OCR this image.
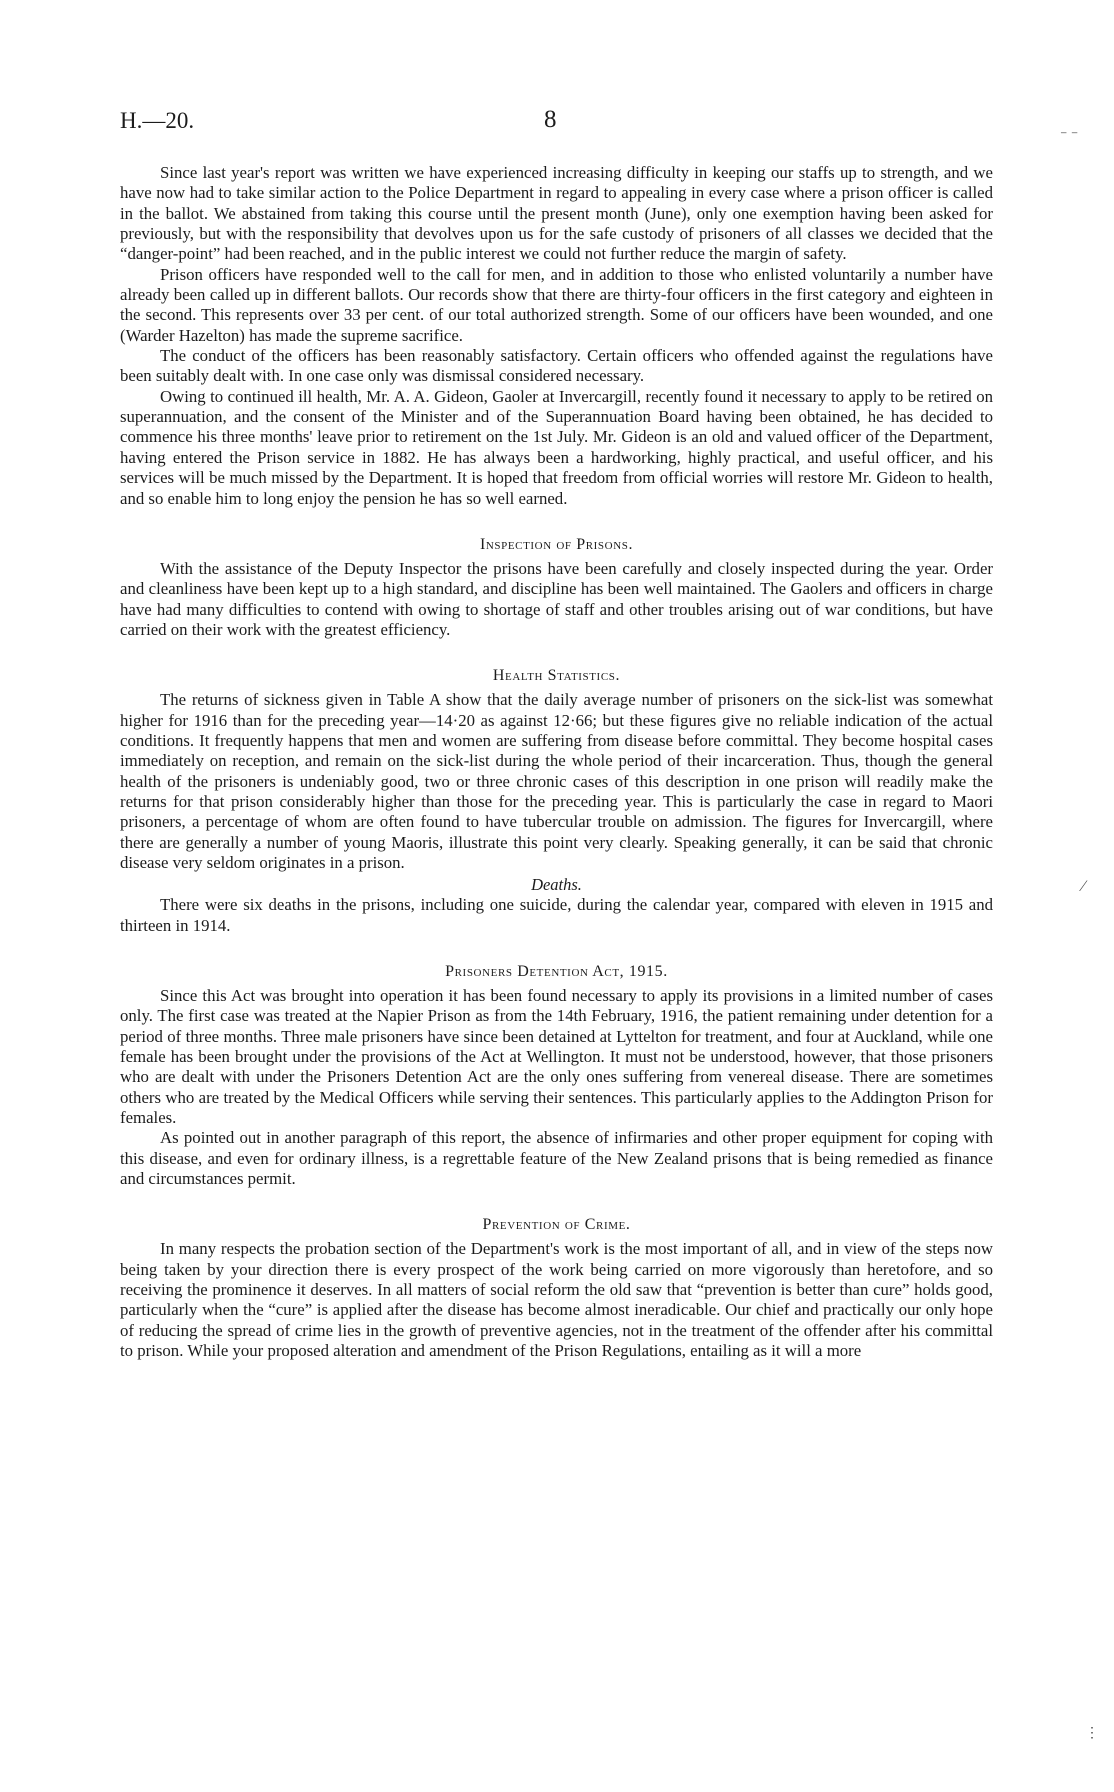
H.—20.	8
⁻ ⁻
⁄
⋮

Since last year's report was written we have experienced increasing difficulty in keeping our staffs up to strength, and we have now had to take similar action to the Police Department in regard to appealing in every case where a prison officer is called in the ballot. We abstained from taking this course until the present month (June), only one exemption having been asked for previously, but with the responsibility that devolves upon us for the safe custody of prisoners of all classes we decided that the “danger-point” had been reached, and in the public interest we could not further reduce the margin of safety.

Prison officers have responded well to the call for men, and in addition to those who enlisted voluntarily a number have already been called up in different ballots. Our records show that there are thirty-four officers in the first category and eighteen in the second. This represents over 33 per cent. of our total authorized strength. Some of our officers have been wounded, and one (Warder Hazelton) has made the supreme sacrifice.

The conduct of the officers has been reasonably satisfactory. Certain officers who offended against the regulations have been suitably dealt with. In one case only was dismissal considered necessary.

Owing to continued ill health, Mr. A. A. Gideon, Gaoler at Invercargill, recently found it necessary to apply to be retired on superannuation, and the consent of the Minister and of the Superannuation Board having been obtained, he has decided to commence his three months' leave prior to retirement on the 1st July. Mr. Gideon is an old and valued officer of the Department, having entered the Prison service in 1882. He has always been a hardworking, highly practical, and useful officer, and his services will be much missed by the Department. It is hoped that freedom from official worries will restore Mr. Gideon to health, and so enable him to long enjoy the pension he has so well earned.

Inspection of Prisons.

With the assistance of the Deputy Inspector the prisons have been carefully and closely inspected during the year. Order and cleanliness have been kept up to a high standard, and discipline has been well maintained. The Gaolers and officers in charge have had many difficulties to contend with owing to shortage of staff and other troubles arising out of war conditions, but have carried on their work with the greatest efficiency.

Health Statistics.

The returns of sickness given in Table A show that the daily average number of prisoners on the sick-list was somewhat higher for 1916 than for the preceding year—14·20 as against 12·66; but these figures give no reliable indication of the actual conditions. It frequently happens that men and women are suffering from disease before committal. They become hospital cases immediately on reception, and remain on the sick-list during the whole period of their incarceration. Thus, though the general health of the prisoners is undeniably good, two or three chronic cases of this description in one prison will readily make the returns for that prison considerably higher than those for the preceding year. This is particularly the case in regard to Maori prisoners, a percentage of whom are often found to have tubercular trouble on admission. The figures for Invercargill, where there are generally a number of young Maoris, illustrate this point very clearly. Speaking generally, it can be said that chronic disease very seldom originates in a prison.

Deaths.

There were six deaths in the prisons, including one suicide, during the calendar year, compared with eleven in 1915 and thirteen in 1914.

Prisoners Detention Act, 1915.

Since this Act was brought into operation it has been found necessary to apply its provisions in a limited number of cases only. The first case was treated at the Napier Prison as from the 14th February, 1916, the patient remaining under detention for a period of three months. Three male prisoners have since been detained at Lyttelton for treatment, and four at Auckland, while one female has been brought under the provisions of the Act at Wellington. It must not be understood, however, that those prisoners who are dealt with under the Prisoners Detention Act are the only ones suffering from venereal disease. There are sometimes others who are treated by the Medical Officers while serving their sentences. This particularly applies to the Addington Prison for females.

As pointed out in another paragraph of this report, the absence of infirmaries and other proper equipment for coping with this disease, and even for ordinary illness, is a regrettable feature of the New Zealand prisons that is being remedied as finance and circumstances permit.

Prevention of Crime.

In many respects the probation section of the Department's work is the most important of all, and in view of the steps now being taken by your direction there is every prospect of the work being carried on more vigorously than heretofore, and so receiving the prominence it deserves. In all matters of social reform the old saw that “prevention is better than cure” holds good, particularly when the “cure” is applied after the disease has become almost ineradicable. Our chief and practically our only hope of reducing the spread of crime lies in the growth of preventive agencies, not in the treatment of the offender after his committal to prison. While your proposed alteration and amendment of the Prison Regulations, entailing as it will a more
